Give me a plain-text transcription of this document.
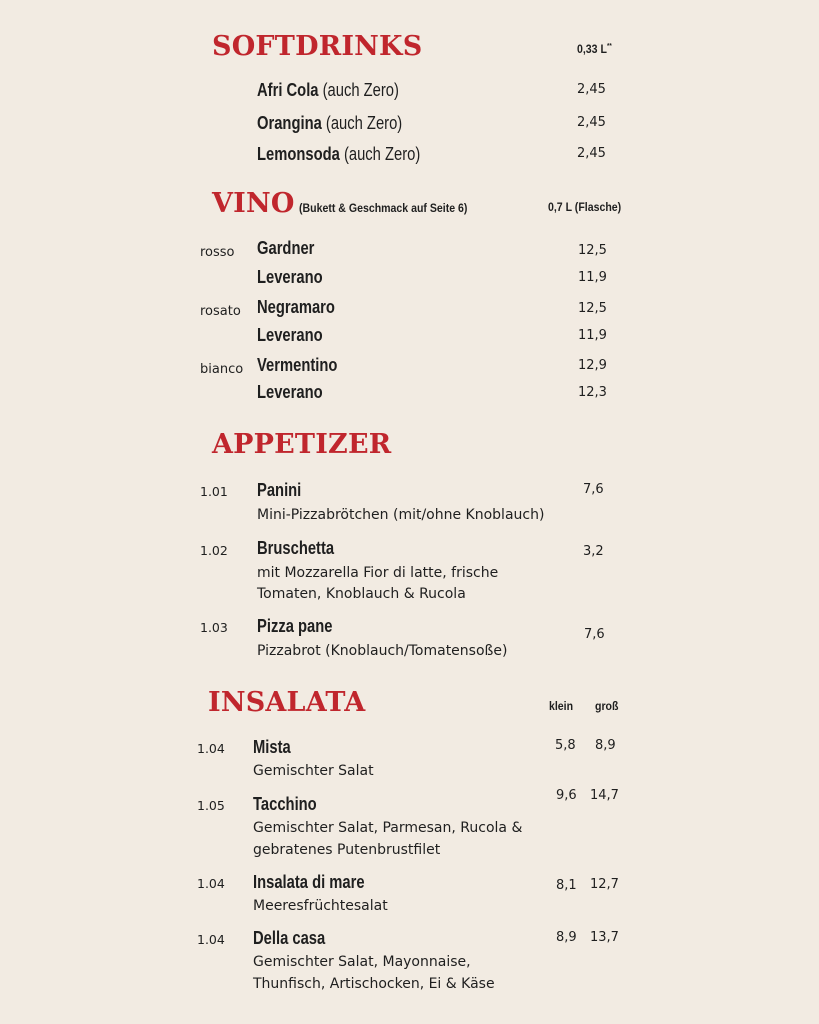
SOFTDRINKS	0,33 L**
Afri Cola (auch Zero)	2,45
Orangina (auch Zero)	2,45
Lemonsoda (auch Zero)	2,45
VINO (Bukett & Geschmack auf Seite 6)	0,7 L (Flasche)
rosso Gardner	12,5
Leverano	11,9
rosato Negramaro	12,5
Leverano	11,9
bianco Vermentino	12,9
Leverano	12,3
APPETIZER
1.01 Panini	7,6
Mini-Pizzabrötchen (mit/ohne Knoblauch)
1.02 Bruschetta	3,2
mit Mozzarella Fior di latte, frische
Tomaten, Knoblauch & Rucola
1.03 Pizza pane	7,6
Pizzabrot (Knoblauch/Tomatensoße)
INSALATA	klein groß
1.04 Mista	5,8 8,9
Gemischter Salat
1.05 Tacchino	9,6 14,7
Gemischter Salat, Parmesan, Rucola &
gebratenes Putenbrustfilet
1.04 Insalata di mare	8,1 12,7
Meeresfrüchtesalat
1.04 Della casa	8,9 13,7
Gemischter Salat, Mayonnaise,
Thunfisch, Artischocken, Ei & Käse
